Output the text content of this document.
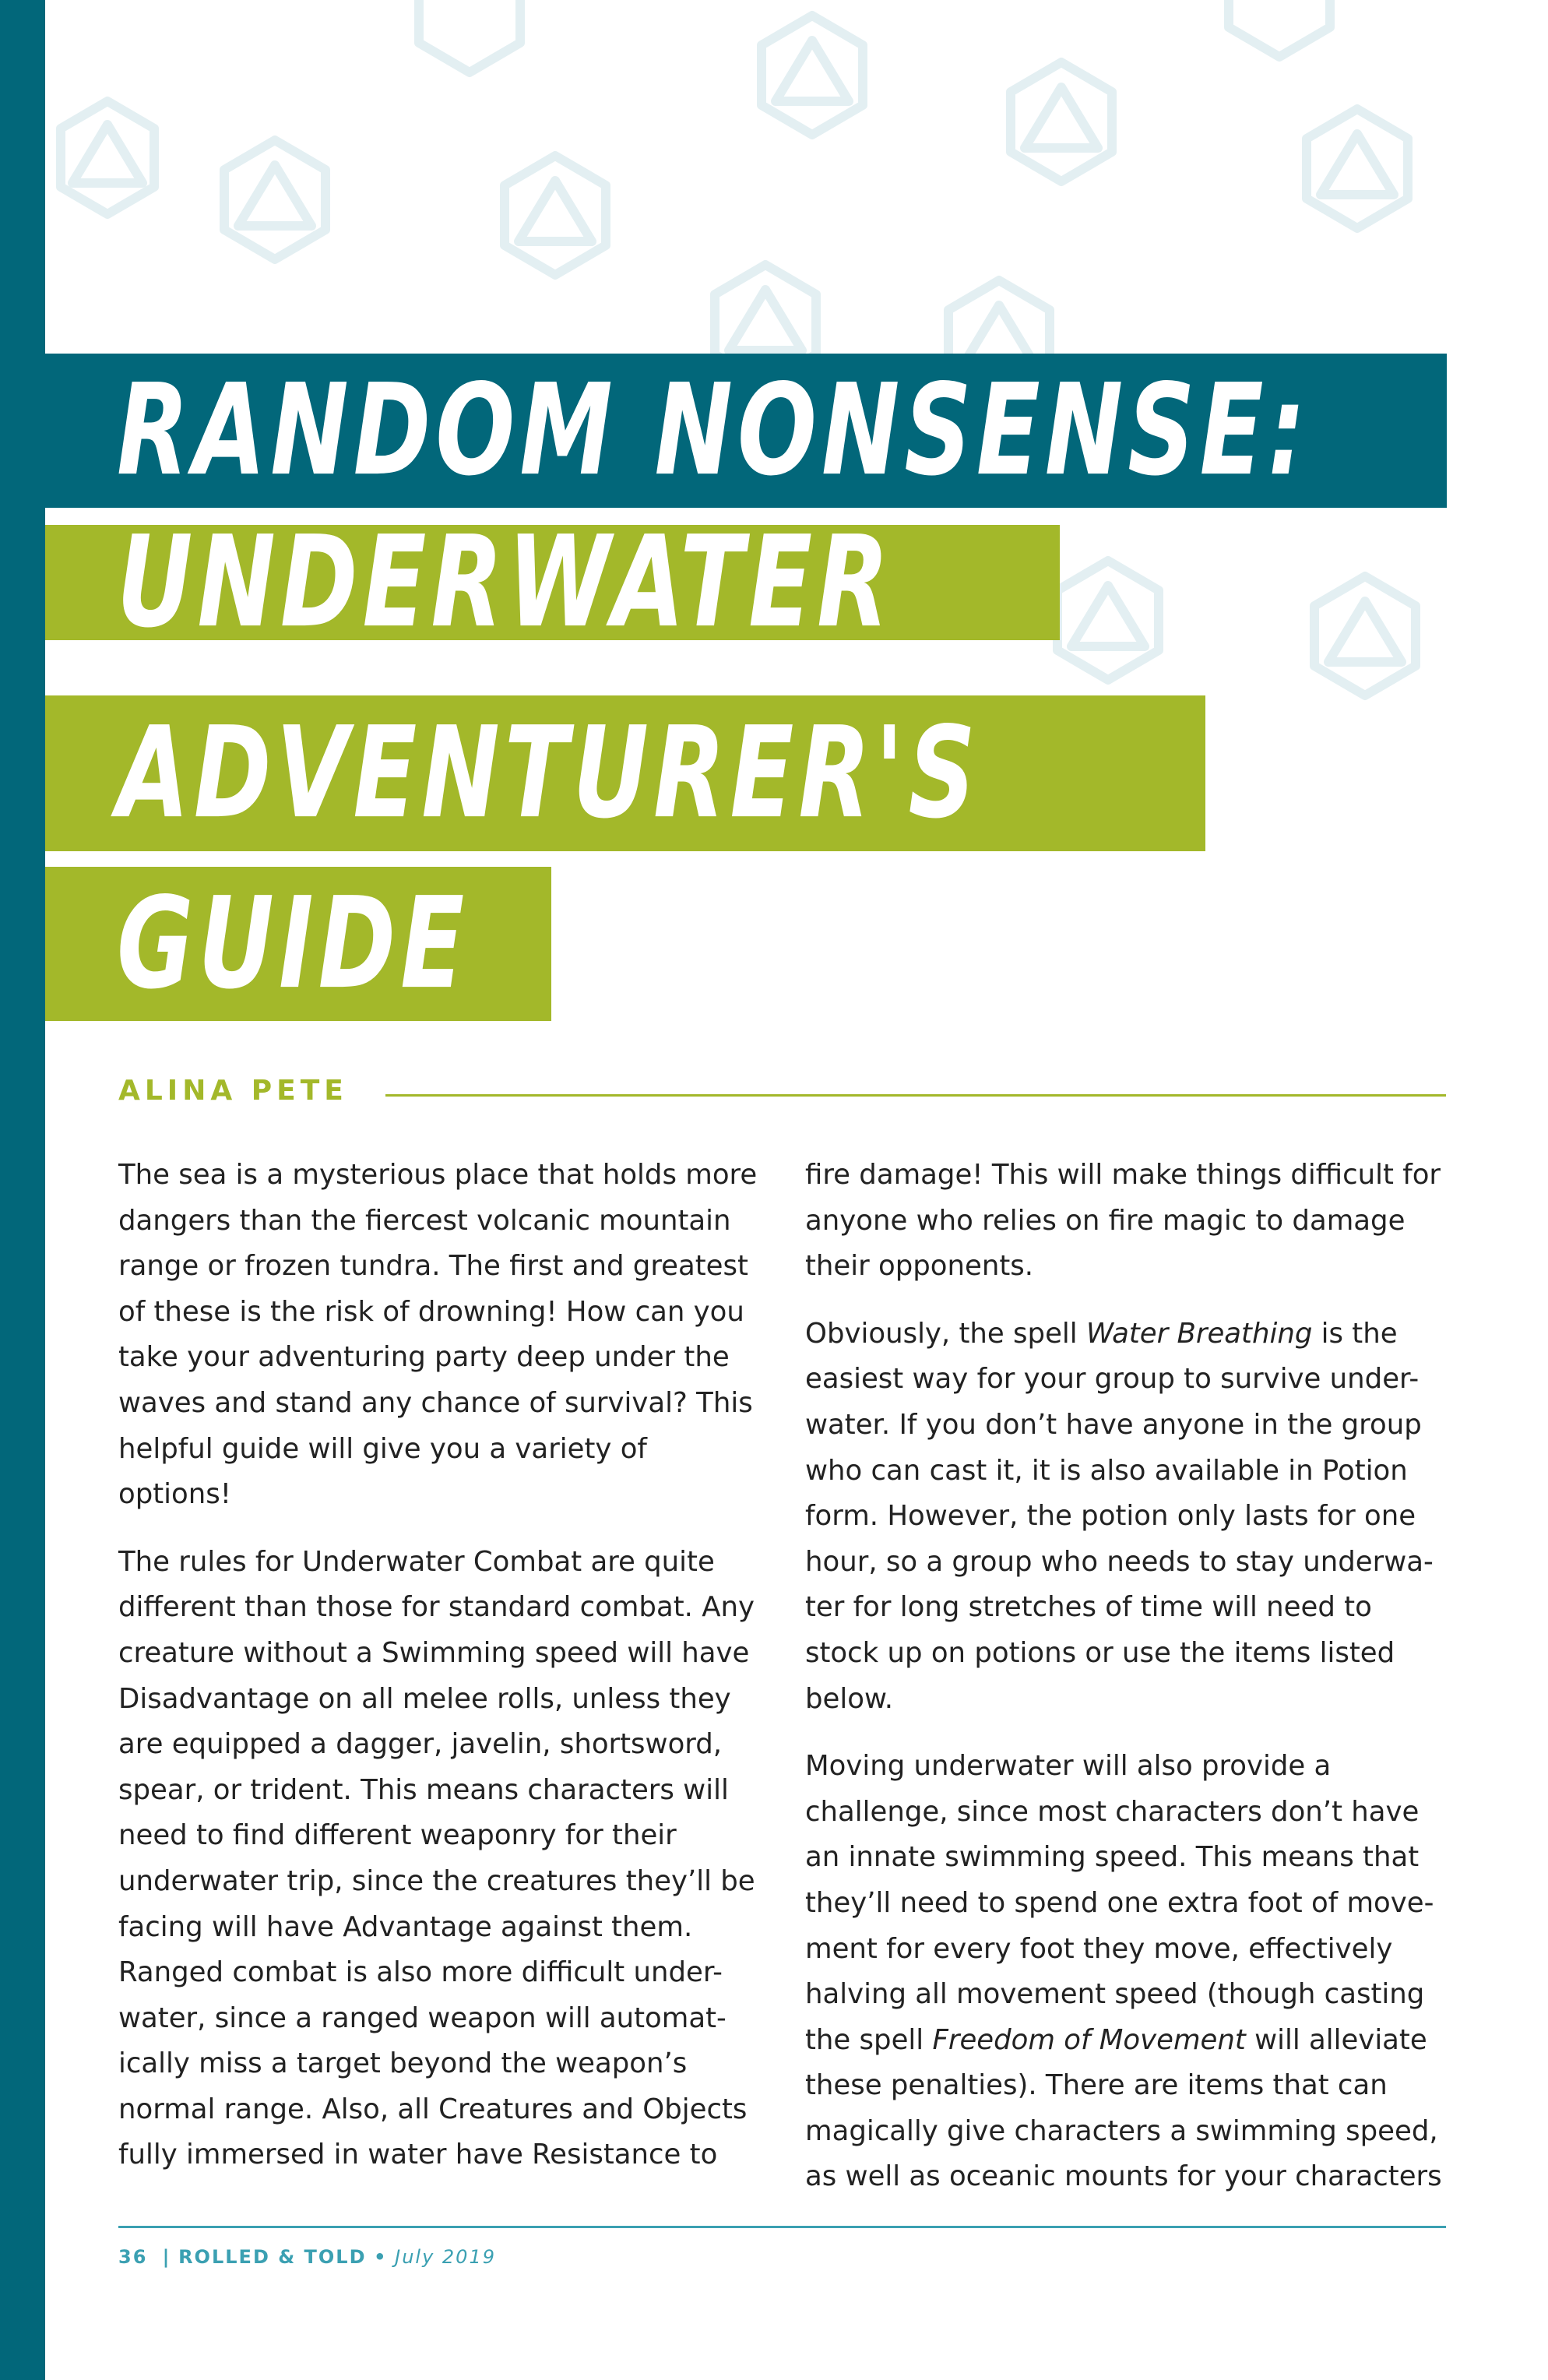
RANDOM NONSENSE:
UNDERWATER
ADVENTURER'S
GUIDE
ALINA PETE

The sea is a mysterious place that holds more dangers than the fiercest volcanic mountain range or frozen tundra. The first and greatest of these is the risk of drowning! How can you take your adventuring party deep under the waves and stand any chance of survival? This helpful guide will give you a variety of options!

The rules for Underwater Combat are quite different than those for standard combat. Any creature without a Swimming speed will have Disadvantage on all melee rolls, unless they are equipped a dagger, javelin, shortsword, spear, or trident. This means characters will need to find different weaponry for their underwater trip, since the creatures they’ll be facing will have Advantage against them. Ranged combat is also more difficult under-water, since a ranged weapon will automat-ically miss a target beyond the weapon’s normal range. Also, all Creatures and Objects fully immersed in water have Resistance to

fire damage! This will make things difficult for anyone who relies on fire magic to damage their opponents.

Obviously, the spell Water Breathing is the easiest way for your group to survive under-water. If you don’t have anyone in the group who can cast it, it is also available in Potion form. However, the potion only lasts for one hour, so a group who needs to stay underwa-ter for long stretches of time will need to stock up on potions or use the items listed below.

Moving underwater will also provide a challenge, since most characters don’t have an innate swimming speed. This means that they’ll need to spend one extra foot of move-ment for every foot they move, effectively halving all movement speed (though casting the spell Freedom of Movement will alleviate these penalties). There are items that can magically give characters a swimming speed, as well as oceanic mounts for your characters

36 | ROLLED & TOLD • July 2019
